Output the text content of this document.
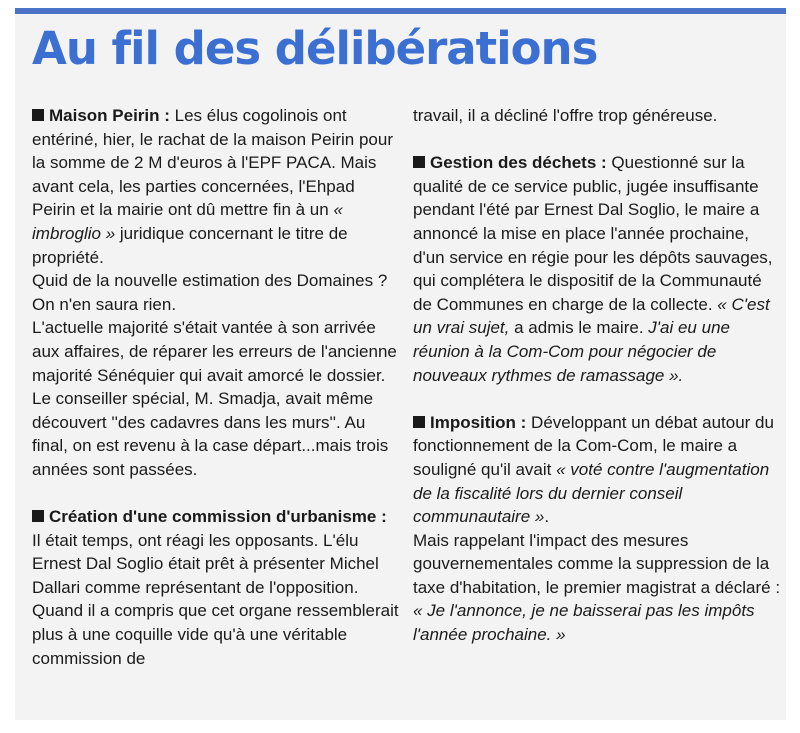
Au fil des délibérations

Maison Peirin : Les élus cogolinois ont entériné, hier, le rachat de la maison Peirin pour la somme de 2 M d'euros à l'EPF PACA. Mais avant cela, les parties concernées, l'Ehpad Peirin et la mairie ont dû mettre fin à un « imbroglio » juridique concernant le titre de propriété.

Quid de la nouvelle estimation des Domaines ? On n'en saura rien.

L'actuelle majorité s'était vantée à son arrivée aux affaires, de réparer les erreurs de l'ancienne majorité Sénéquier qui avait amorcé le dossier. Le conseiller spécial, M. Smadja, avait même découvert ''des cadavres dans les murs''. Au final, on est revenu à la case départ...mais trois années sont passées.

Création d'une commission d'urbanisme :

Il était temps, ont réagi les opposants. L'élu Ernest Dal Soglio était prêt à présenter Michel Dallari comme représentant de l'opposition. Quand il a compris que cet organe ressemblerait plus à une coquille vide qu'à une véritable commission de

travail, il a décliné l'offre trop généreuse.

Gestion des déchets : Questionné sur la qualité de ce service public, jugée insuffisante pendant l'été par Ernest Dal Soglio, le maire a annoncé la mise en place l'année prochaine, d'un service en régie pour les dépôts sauvages, qui complétera le dispositif de la Communauté de Communes en charge de la collecte. « C'est un vrai sujet, a admis le maire. J'ai eu une réunion à la Com-Com pour négocier de nouveaux rythmes de ramassage ».

Imposition : Développant un débat autour du fonctionnement de la Com-Com, le maire a souligné qu'il avait « voté contre l'augmentation de la fiscalité lors du dernier conseil communautaire ».

Mais rappelant l'impact des mesures gouvernementales comme la suppression de la taxe d'habitation, le premier magistrat a déclaré : « Je l'annonce, je ne baisserai pas les impôts l'année prochaine. »
